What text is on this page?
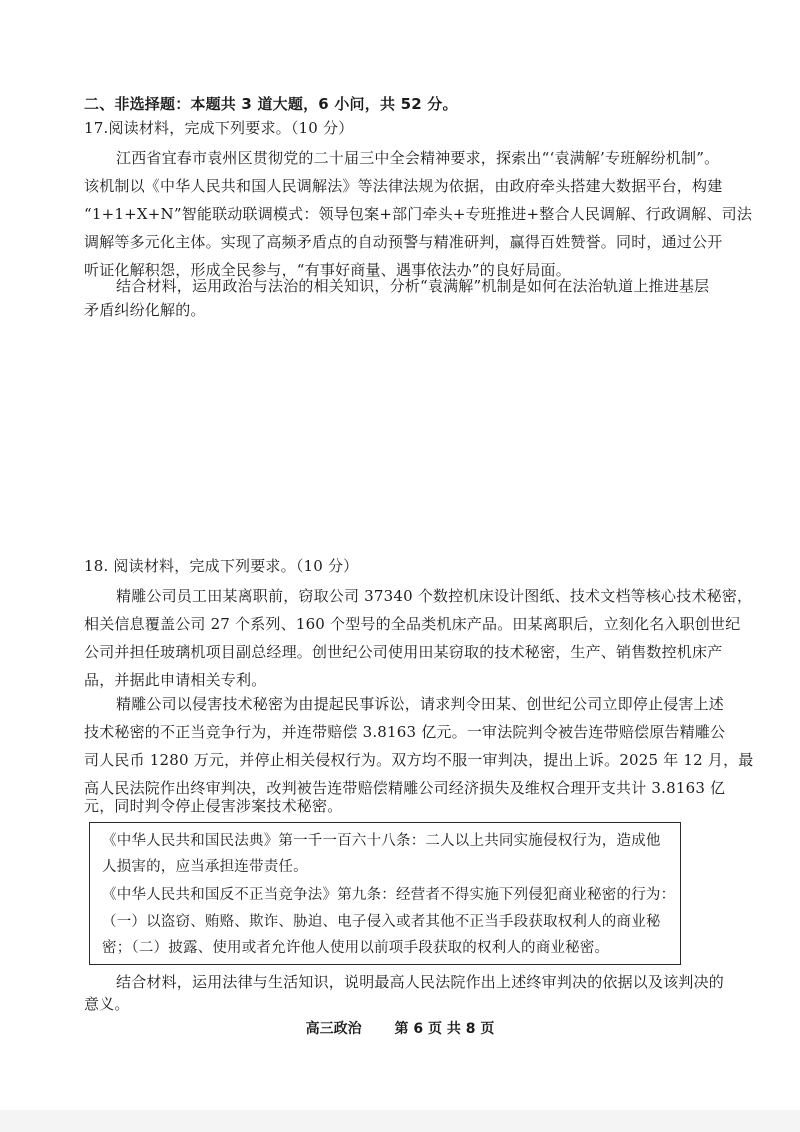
二、非选择题：本题共 3 道大题，6 小问，共 52 分。
17.阅读材料，完成下列要求。（10 分）
江西省宜春市袁州区贯彻党的二十届三中全会精神要求，探索出“‘袁满解’专班解纷机制”。
该机制以《中华人民共和国人民调解法》等法律法规为依据，由政府牵头搭建大数据平台，构建
“1+1+X+N”智能联动联调模式：领导包案+部门牵头+专班推进+整合人民调解、行政调解、司法
调解等多元化主体。实现了高频矛盾点的自动预警与精准研判，赢得百姓赞誉。同时，通过公开
听证化解积怨，形成全民参与，“有事好商量、遇事依法办”的良好局面。
结合材料，运用政治与法治的相关知识，分析“袁满解”机制是如何在法治轨道上推进基层
矛盾纠纷化解的。
18. 阅读材料，完成下列要求。（10 分）
精雕公司员工田某离职前，窃取公司 37340 个数控机床设计图纸、技术文档等核心技术秘密，
相关信息覆盖公司 27 个系列、160 个型号的全品类机床产品。田某离职后，立刻化名入职创世纪
公司并担任玻璃机项目副总经理。创世纪公司使用田某窃取的技术秘密，生产、销售数控机床产
品，并据此申请相关专利。
精雕公司以侵害技术秘密为由提起民事诉讼，请求判令田某、创世纪公司立即停止侵害上述
技术秘密的不正当竞争行为，并连带赔偿 3.8163 亿元。一审法院判令被告连带赔偿原告精雕公
司人民币 1280 万元，并停止相关侵权行为。双方均不服一审判决，提出上诉。2025 年 12 月，最
高人民法院作出终审判决，改判被告连带赔偿精雕公司经济损失及维权合理开支共计 3.8163 亿
元，同时判令停止侵害涉案技术秘密。
《中华人民共和国民法典》第一千一百六十八条：二人以上共同实施侵权行为，造成他
人损害的，应当承担连带责任。
《中华人民共和国反不正当竞争法》第九条：经营者不得实施下列侵犯商业秘密的行为：
（一）以盗窃、贿赂、欺诈、胁迫、电子侵入或者其他不正当手段获取权利人的商业秘
密；（二）披露、使用或者允许他人使用以前项手段获取的权利人的商业秘密。
结合材料，运用法律与生活知识，说明最高人民法院作出上述终审判决的依据以及该判决的
意义。
高三政治 第 6 页 共 8 页
